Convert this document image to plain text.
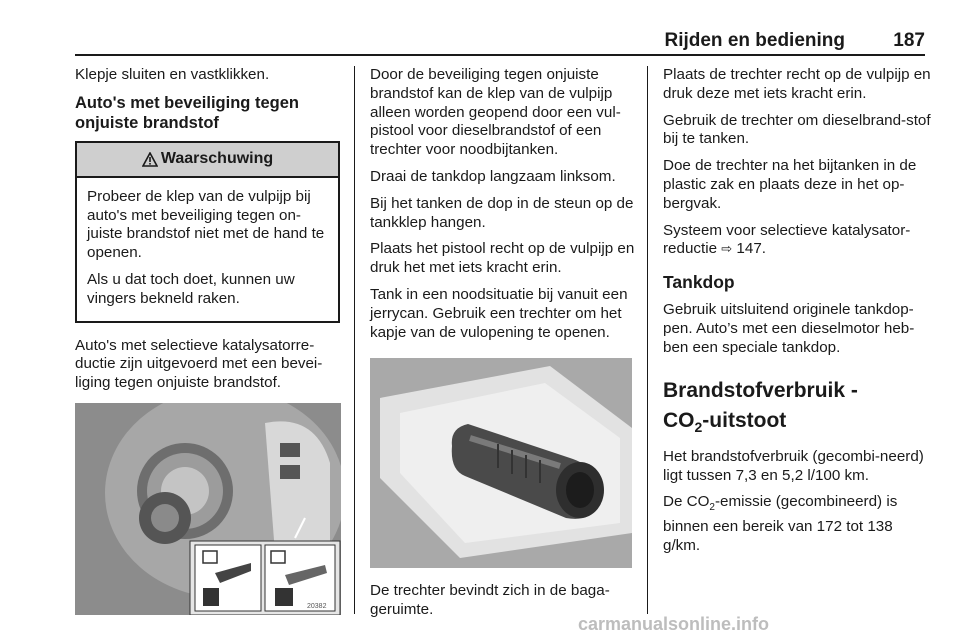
Rijden en bediening	187

Klepje sluiten en vastklikken.

Auto's met beveiliging tegen onjuiste brandstof
Waarschuwing

Probeer de klep van de vulpijp bij auto's met beveiliging tegen on-juiste brandstof niet met de hand te openen.

Als u dat toch doet, kunnen uw vingers bekneld raken.

Auto's met selectieve katalysatorre-ductie zijn uitgevoerd met een bevei-liging tegen onjuiste brandstof.

20382

Door de beveiliging tegen onjuiste brandstof kan de klep van de vulpijp alleen worden geopend door een vul-pistool voor dieselbrandstof of een trechter voor noodbijtanken.

Draai de tankdop langzaam linksom.

Bij het tanken de dop in de steun op de tankklep hangen.

Plaats het pistool recht op de vulpijp en druk het met iets kracht erin.

Tank in een noodsituatie bij vanuit een jerrycan. Gebruik een trechter om het kapje van de vulopening te openen.

De trechter bevindt zich in de baga-geruimte.

Plaats de trechter recht op de vulpijp en druk deze met iets kracht erin.

Gebruik de trechter om dieselbrand-stof bij te tanken.

Doe de trechter na het bijtanken in de plastic zak en plaats deze in het op-bergvak.

Systeem voor selectieve katalysator-reductie ⇨ 147.

Tankdop

Gebruik uitsluitend originele tankdop-pen. Auto’s met een dieselmotor heb-ben een speciale tankdop.

Brandstofverbruik -
$CO_2$-uitstoot

Het brandstofverbruik (gecombi-neerd) ligt tussen 7,3 en 5,2 l/100 km.

De $CO_2$-emissie (gecombineerd) is binnen een bereik van 172 tot 138 g/km.

carmanualsonline.info
